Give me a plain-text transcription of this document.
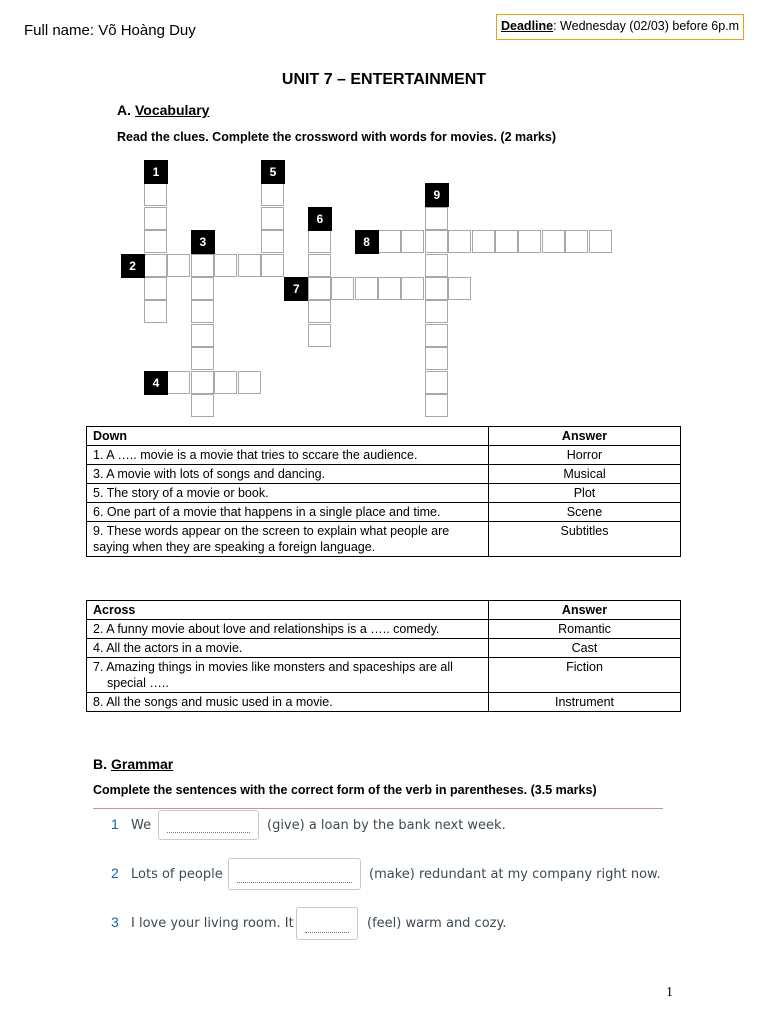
Full name: Võ Hoàng Duy	Deadline: Wednesday (02/03) before 6p.m
UNIT 7 – ENTERTAINMENT
A. Vocabulary
Read the clues. Complete the crossword with words for movies. (2 marks)
1
2
3
4
5
6
7
8
9
Down	Answer

1. A ….. movie is a movie that tries to sccare the audience.	Horror

3. A movie with lots of songs and dancing.	Musical

5. The story of a movie or book.	Plot

6. One part of a movie that happens in a single place and time.	Scene
9. These words appear on the screen to explain what people are saying when they are speaking a foreign language.	Subtitles
Across	Answer

2. A funny movie about love and relationships is a ….. comedy.	Romantic

4. All the actors in a movie.	Cast

7. Amazing things in movies like monsters and spaceships are all special …..	Fiction

8. All the songs and music used in a movie.	Instrument
B. Grammar
Complete the sentences with the correct form of the verb in parentheses. (3.5 marks)
1 We	(give) a loan by the bank next week.
2 Lots of people	(make) redundant at my company right now.
3 I love your living room. It	(feel) warm and cozy.
1
